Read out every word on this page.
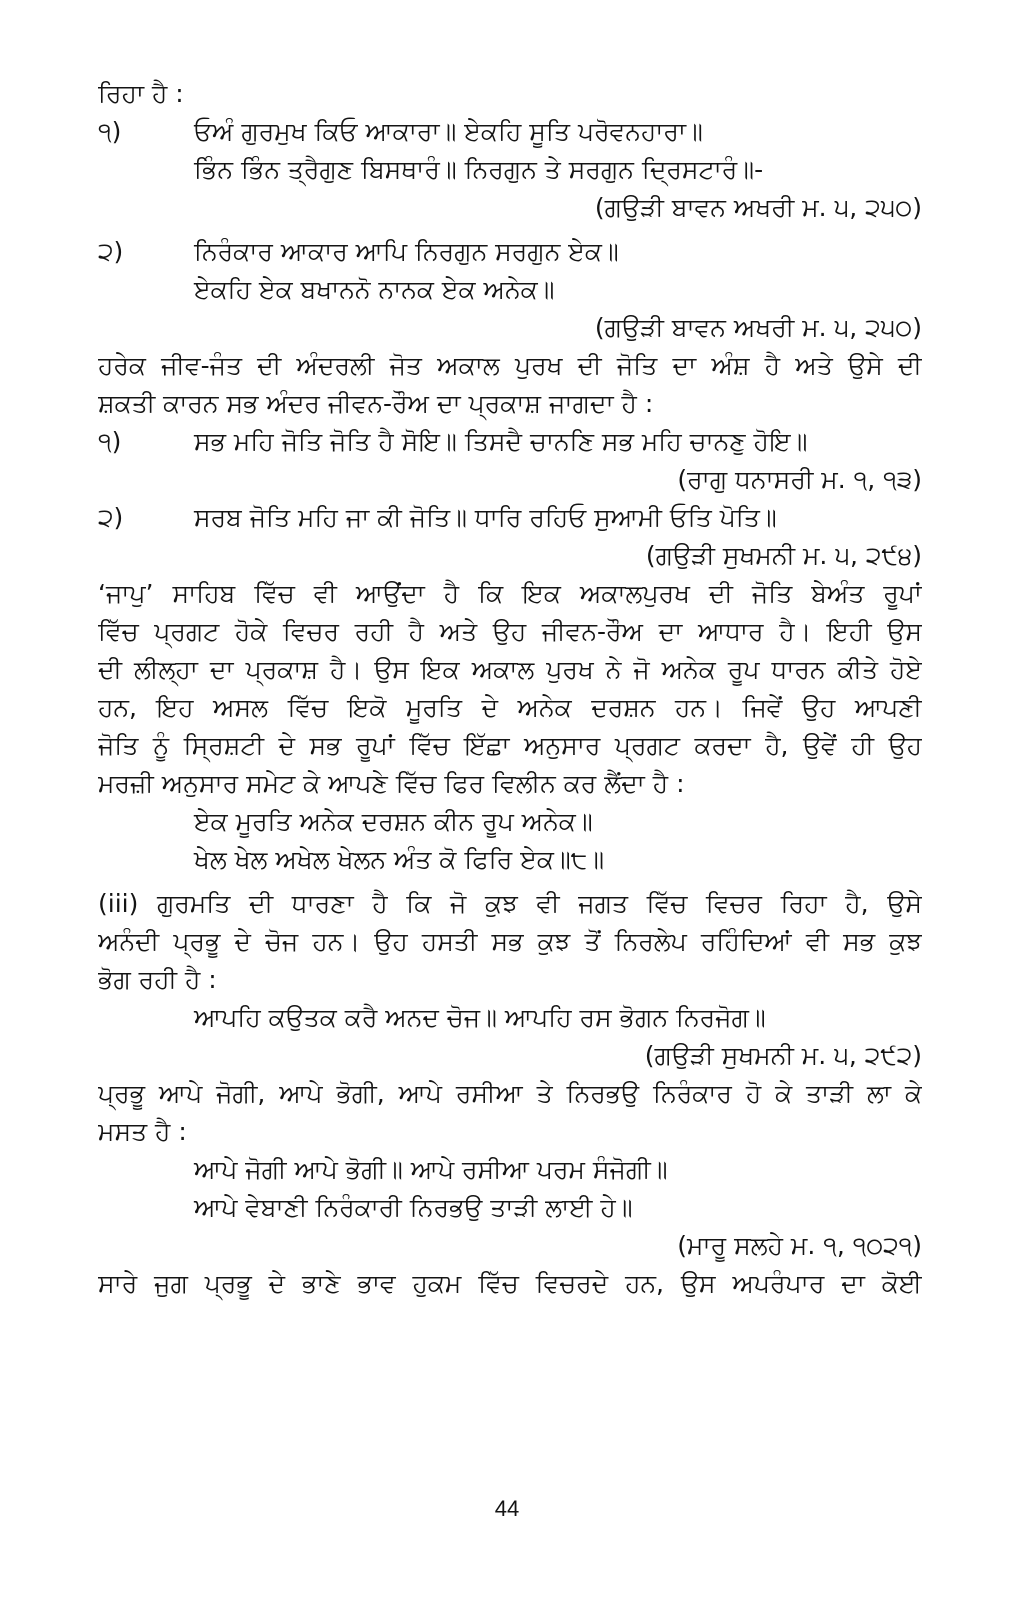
ਰਿਹਾ ਹੈ :
੧)	ਓਅੰ ਗੁਰਮੁਖ ਕਿਓ ਆਕਾਰਾ॥ ਏਕਹਿ ਸੂਤਿ ਪਰੋਵਨਹਾਰਾ॥
ਭਿੰਨ ਭਿੰਨ ਤ੍ਰੈਗੁਣ ਬਿਸਥਾਰੰ॥ ਨਿਰਗੁਨ ਤੇ ਸਰਗੁਨ ਦ੍ਰਿਸਟਾਰੰ॥-
(ਗਉੜੀ ਬਾਵਨ ਅਖਰੀ ਮ. ੫, ੨੫੦)
੨)	ਨਿਰੰਕਾਰ ਆਕਾਰ ਆਪਿ ਨਿਰਗੁਨ ਸਰਗੁਨ ਏਕ॥
ਏਕਹਿ ਏਕ ਬਖਾਨਨੋ ਨਾਨਕ ਏਕ ਅਨੇਕ॥
(ਗਉੜੀ ਬਾਵਨ ਅਖਰੀ ਮ. ੫, ੨੫੦)
ਹਰੇਕ ਜੀਵ-ਜੰਤ ਦੀ ਅੰਦਰਲੀ ਜੋਤ ਅਕਾਲ ਪੁਰਖ ਦੀ ਜੋਤਿ ਦਾ ਅੰਸ਼ ਹੈ ਅਤੇ ਉਸੇ ਦੀ
ਸ਼ਕਤੀ ਕਾਰਨ ਸਭ ਅੰਦਰ ਜੀਵਨ-ਰੌਅ ਦਾ ਪ੍ਰਕਾਸ਼ ਜਾਗਦਾ ਹੈ :
੧)	ਸਭ ਮਹਿ ਜੋਤਿ ਜੋਤਿ ਹੈ ਸੋਇ॥ ਤਿਸਦੈ ਚਾਨਣਿ ਸਭ ਮਹਿ ਚਾਨਣੁ ਹੋਇ॥
(ਰਾਗੁ ਧਨਾਸਰੀ ਮ. ੧, ੧੩)
੨)	ਸਰਬ ਜੋਤਿ ਮਹਿ ਜਾ ਕੀ ਜੋਤਿ॥ ਧਾਰਿ ਰਹਿਓ ਸੁਆਮੀ ਓਤਿ ਪੋਤਿ॥
(ਗਉੜੀ ਸੁਖਮਨੀ ਮ. ੫, ੨੯੪)
‘ਜਾਪੁ’ ਸਾਹਿਬ ਵਿੱਚ ਵੀ ਆਉਂਦਾ ਹੈ ਕਿ ਇਕ ਅਕਾਲਪੁਰਖ ਦੀ ਜੋਤਿ ਬੇਅੰਤ ਰੂਪਾਂ
ਵਿੱਚ ਪ੍ਰਗਟ ਹੋਕੇ ਵਿਚਰ ਰਹੀ ਹੈ ਅਤੇ ਉਹ ਜੀਵਨ-ਰੌਅ ਦਾ ਆਧਾਰ ਹੈ। ਇਹੀ ਉਸ
ਦੀ ਲੀਲ੍ਹਾ ਦਾ ਪ੍ਰਕਾਸ਼ ਹੈ। ਉਸ ਇਕ ਅਕਾਲ ਪੁਰਖ ਨੇ ਜੋ ਅਨੇਕ ਰੂਪ ਧਾਰਨ ਕੀਤੇ ਹੋਏ
ਹਨ, ਇਹ ਅਸਲ ਵਿੱਚ ਇਕੋ ਮੂਰਤਿ ਦੇ ਅਨੇਕ ਦਰਸ਼ਨ ਹਨ। ਜਿਵੇਂ ਉਹ ਆਪਣੀ
ਜੋਤਿ ਨੂੰ ਸ੍ਰਿਸ਼ਟੀ ਦੇ ਸਭ ਰੂਪਾਂ ਵਿੱਚ ਇੱਛਾ ਅਨੁਸਾਰ ਪ੍ਰਗਟ ਕਰਦਾ ਹੈ, ਉਵੇਂ ਹੀ ਉਹ
ਮਰਜ਼ੀ ਅਨੁਸਾਰ ਸਮੇਟ ਕੇ ਆਪਣੇ ਵਿੱਚ ਫਿਰ ਵਿਲੀਨ ਕਰ ਲੈਂਦਾ ਹੈ :
ਏਕ ਮੂਰਤਿ ਅਨੇਕ ਦਰਸ਼ਨ ਕੀਨ ਰੂਪ ਅਨੇਕ॥
ਖੇਲ ਖੇਲ ਅਖੇਲ ਖੇਲਨ ਅੰਤ ਕੋ ਫਿਰਿ ਏਕ॥੮॥
(iii) ਗੁਰਮਤਿ ਦੀ ਧਾਰਣਾ ਹੈ ਕਿ ਜੋ ਕੁਝ ਵੀ ਜਗਤ ਵਿੱਚ ਵਿਚਰ ਰਿਹਾ ਹੈ, ਉਸੇ
ਅਨੰਦੀ ਪ੍ਰਭੂ ਦੇ ਚੋਜ ਹਨ। ਉਹ ਹਸਤੀ ਸਭ ਕੁਝ ਤੋਂ ਨਿਰਲੇਪ ਰਹਿੰਦਿਆਂ ਵੀ ਸਭ ਕੁਝ
ਭੋਗ ਰਹੀ ਹੈ :
ਆਪਹਿ ਕਉਤਕ ਕਰੈ ਅਨਦ ਚੋਜ॥ ਆਪਹਿ ਰਸ ਭੋਗਨ ਨਿਰਜੋਗ॥
(ਗਉੜੀ ਸੁਖਮਨੀ ਮ. ੫, ੨੯੨)
ਪ੍ਰਭੂ ਆਪੇ ਜੋਗੀ, ਆਪੇ ਭੋਗੀ, ਆਪੇ ਰਸੀਆ ਤੇ ਨਿਰਭਉ ਨਿਰੰਕਾਰ ਹੋ ਕੇ ਤਾੜੀ ਲਾ ਕੇ
ਮਸਤ ਹੈ :
ਆਪੇ ਜੋਗੀ ਆਪੇ ਭੋਗੀ॥ ਆਪੇ ਰਸੀਆ ਪਰਮ ਸੰਜੋਗੀ॥
ਆਪੇ ਵੇਬਾਣੀ ਨਿਰੰਕਾਰੀ ਨਿਰਭਉ ਤਾੜੀ ਲਾਈ ਹੇ॥
(ਮਾਰੂ ਸਲਹੇ ਮ. ੧, ੧੦੨੧)
ਸਾਰੇ ਜੁਗ ਪ੍ਰਭੂ ਦੇ ਭਾਣੇ ਭਾਵ ਹੁਕਮ ਵਿੱਚ ਵਿਚਰਦੇ ਹਨ, ਉਸ ਅਪਰੰਪਾਰ ਦਾ ਕੋਈ
44
